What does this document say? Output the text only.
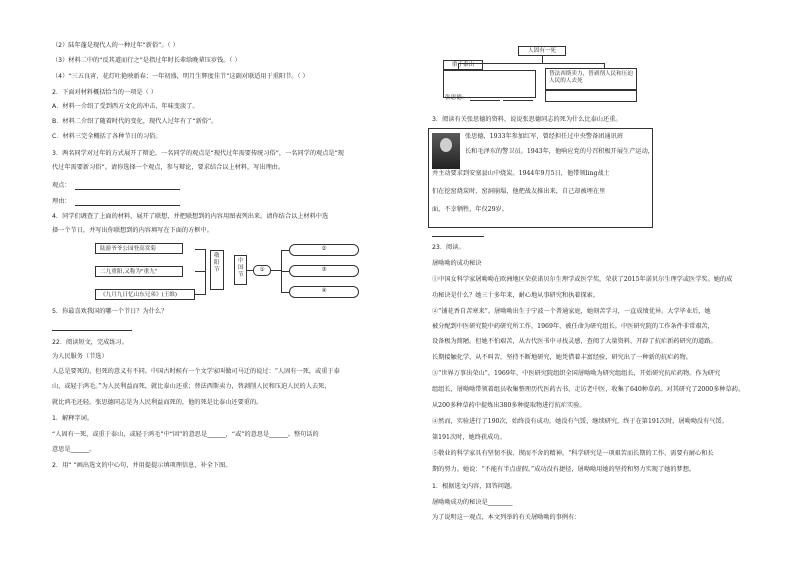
（2）陆年蓬是现代人的一种过年“新俗”。（ ）
（3）材料二中的“反其道而行之”是指过年时长辈给晚辈压岁钱。（ ）
（4）“三五良宵，花灯吐艳映新春；一年初盛，明月生辉度佳节”这副对联适用于重阳节。（ ）
2．下面对材料概括恰当的一项是（ ）
A．材料一介绍了受到西方文化的冲击，年味变淡了。
B．材料二介绍了随着时代的变化，现代人过年有了“新俗”。
C．材料三完全概括了各种节日的习俗。
3．两名同学对过年的方式展开了辩论，一名同学的观点是“现代过年需要传统习俗”，一名同学的观点是“现
代过年需要新习俗”。请你选择一个观点，参与辩论，要求结合以上材料，写出理由。
观点：
理由：
4．同学们调查了上面的材料，展开了联想，并把联想到的内容用图表列出来。请你结合以上材料中选
择一个节日，并写出你联想到的内容填写在下面的方框中。
陆游爷爷公园登高赏菊
二九重阳,又称为"重九"
《九月九日忆山东兄弟》(王维)
敬阳节
中国节
①
②
③
④
5．你最喜欢我国的哪一个节日？为什么？
22．阅读短文，完成练习。
为人民服务（节选）
人总是要死的，但死的意义有不同。中国古时候有一个文学家叫做司马迁的说过：“人固有一死，或重于泰
山，或轻于鸿毛。”为人民利益而死，就比泰山还重；替法西斯卖力，替剥削人民和压迫人民的人去死，
就比鸿毛还轻。张思德同志是为人民利益而死的，他的死是比泰山还要重的。
1．解释字词。
“人固有一死，或重于泰山，或轻于鸿毛”中“固”的意思是______，“或”的意思是______。整句话的
意思是______。
2．用“ ”画出选文的中心句，并用提提示填项理信息，补全下图。
人固有一死
重于泰山
替法西斯卖力，替剥削人民和压迫人民的人去死
张思德：
3．阅读有关张思德的资料，说说张思德同志的死为什么比泰山还重。
张思德，1933年参加红军，曾经担任过中央警备团通讯班
长和毛泽东的警卫员。1943年，他响应党的号召积极开展生产运动，
并主动要求到安塞县山中烧炭。1944年9月5日，他带领ling战士
们在挖窑烧炭时，窑洞崩塌，他把战友推出来，自己却被埋在里
面，不幸牺牲，年仅29岁。
23．阅读。
屠呦呦的成功秘诀
①中国女科学家屠呦呦在欧洲地区荣获诺贝尔生理学或医学奖，荣获了2015年诺贝尔生理学或医学奖。她的成
功秘诀是什么？她三十多年来，耐心地从事研究和执着探索。
②“铺花香自苦寒来”。屠呦呦出生于宁波一个普通家庭，她刻苦学习，一直成绩优异。大学毕业后，她
被分配到中医研究院中药研究所工作，1969年，被任命为研究组长。中医研究院的工作条件非常艰苦，
设备极为简陋。但她不怕艰苦，从古代医书中寻找灵感，查阅了大量资料，开辟了抗疟新药研究的道路。
长期接触化学，从不叫苦，坚持不断地研究，她凭借着丰富经验，研究出了一种新的抗疟药物。
③“世界万事出荣山”。1969年，中医研究院组织全国屠呦呦为研究组组长，开始研究抗疟药物。作为研究
组组长，屠呦呦带领着组员收集整理历代医药古书，走访老中医，收集了640种草药。对其研究了2000多种草药。
从200多种草药中提炼出380多种提取物进行抗疟实验。
④然而，实验进行了190次，始终没有成功。她没有气馁，继续研究，终于在第191次时，屠呦呦没有气馁。
第191次时，她终获成功。
⑤敬业的科学家具有坚韧不拔、锲而不舍的精神。“科学研究是一项艰苦而长期的工作，需要有耐心和长
期的努力。她说：“不能有半点虚假。”成功没有捷径，屠呦呦用她的坚持和努力实现了她的梦想。
1．根据选文内容，回答问题。
屠呦呦成功的秘诀是________
为了说明这一观点，本文列举的有关屠呦呦的事例有：
